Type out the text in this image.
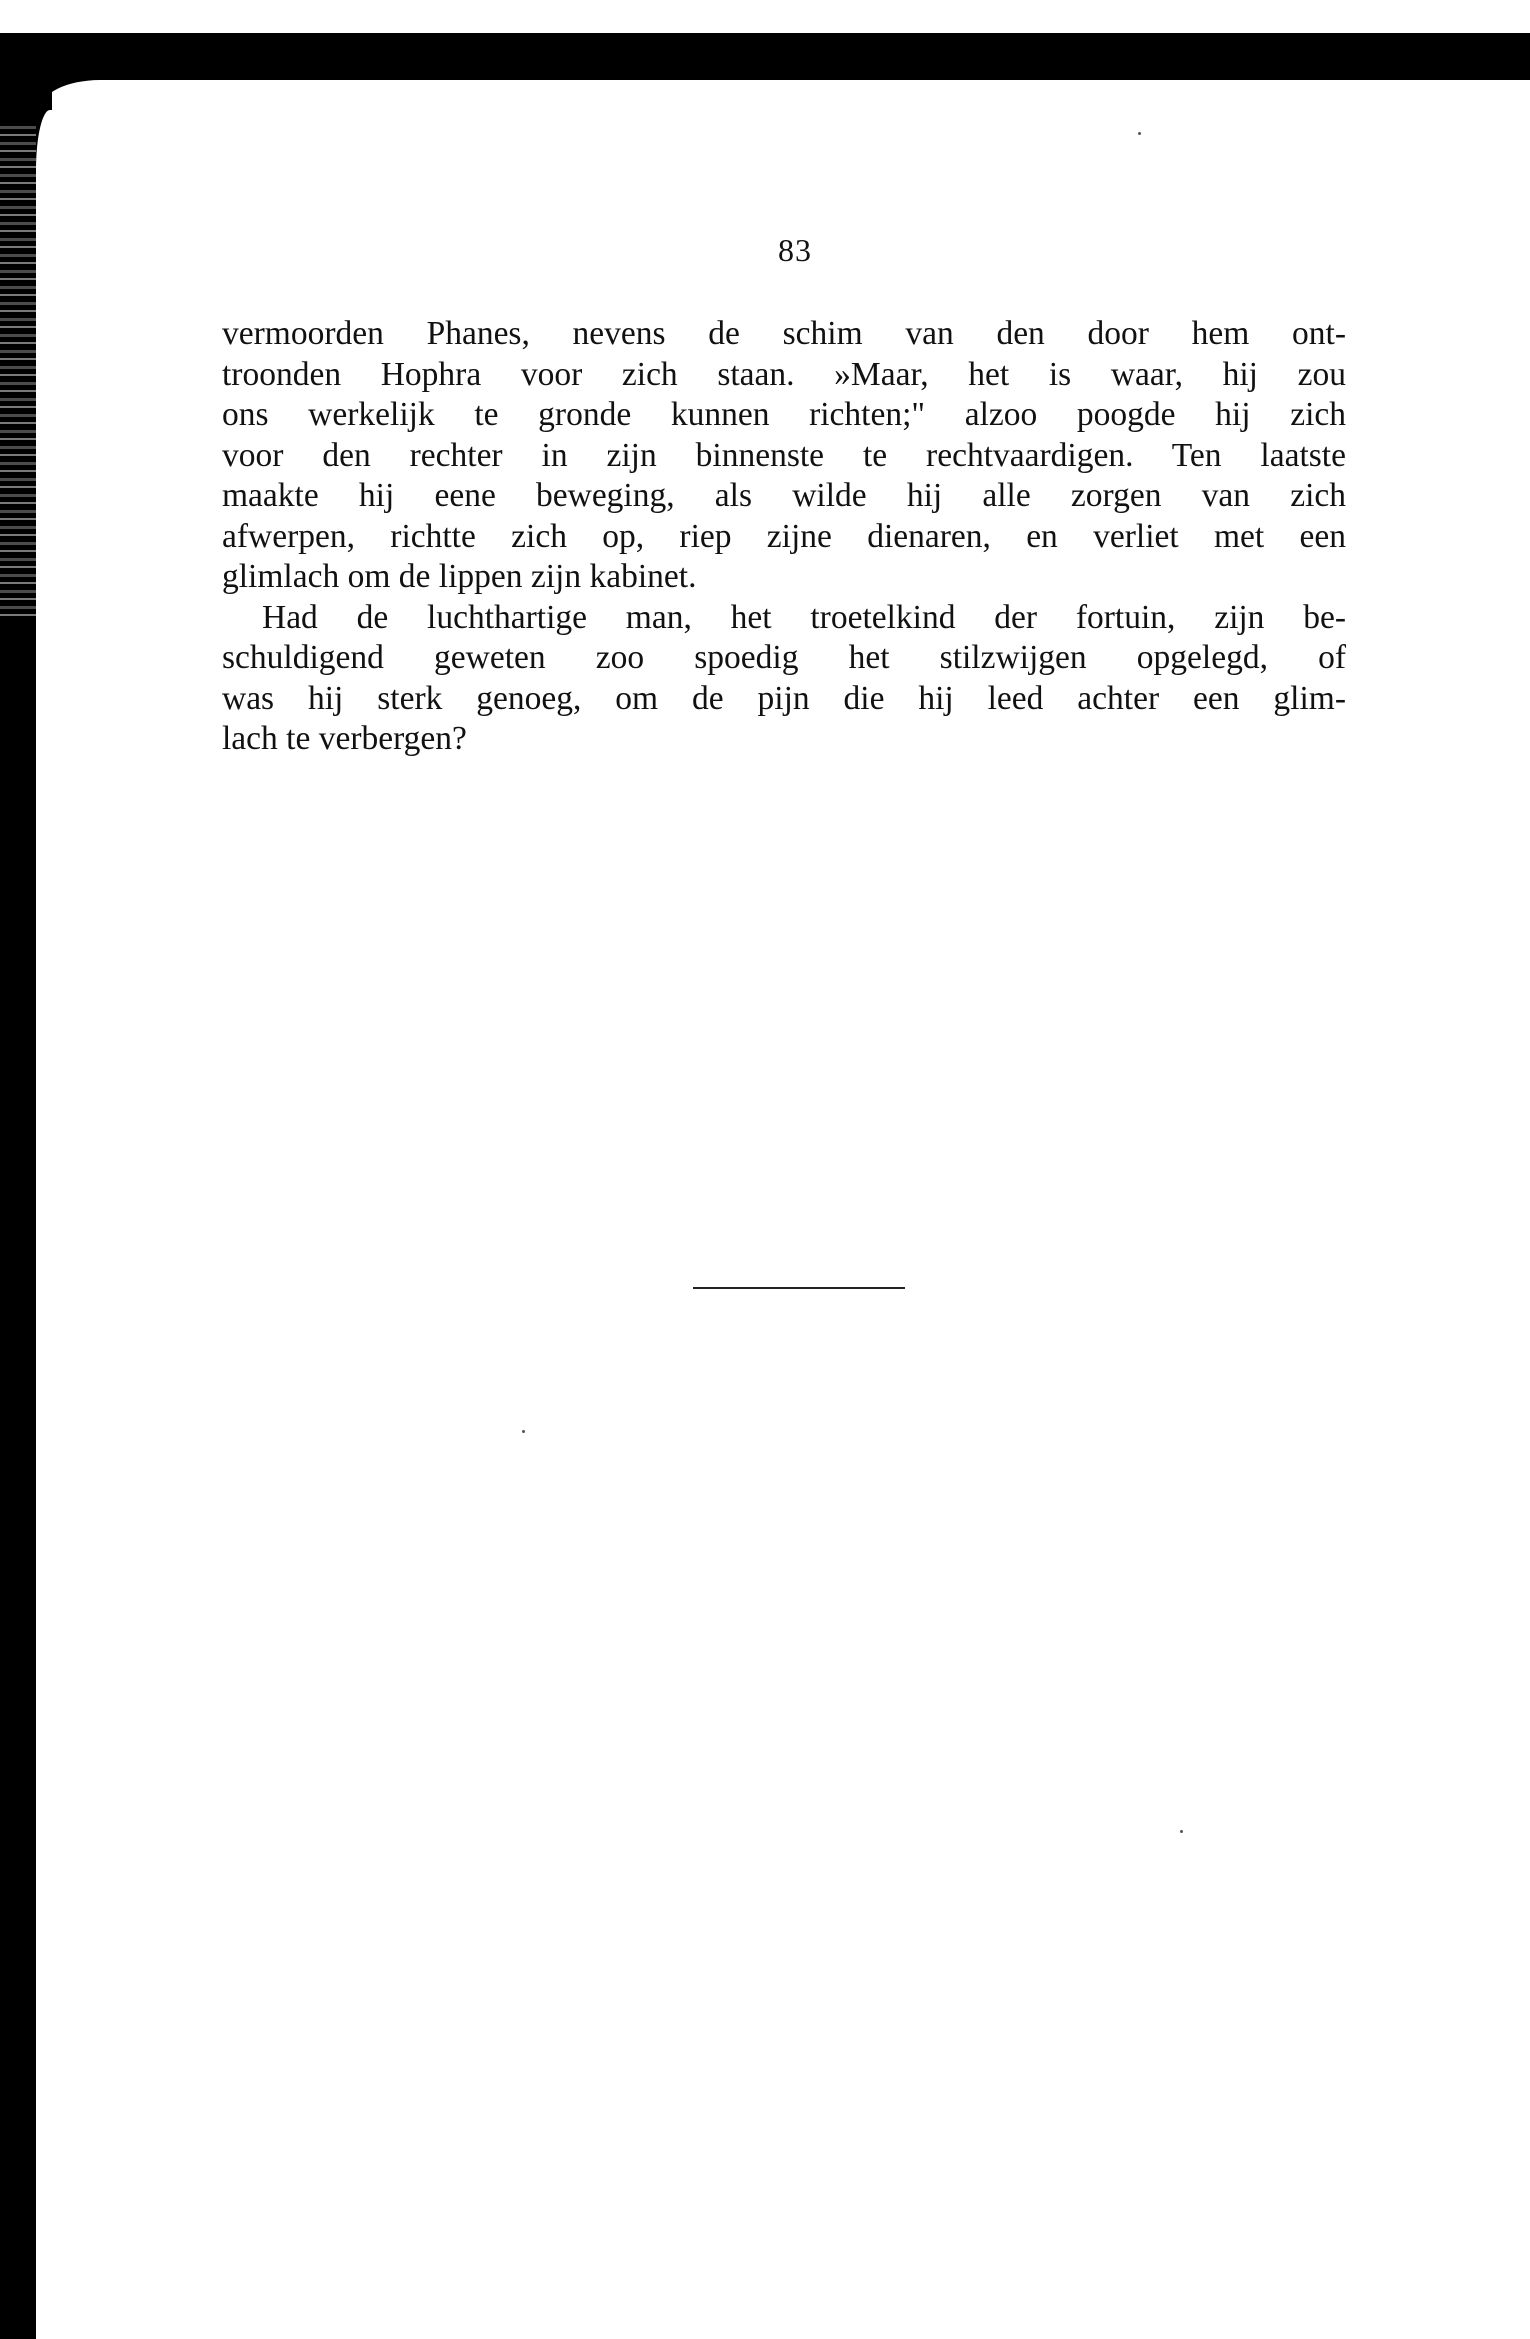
83
vermoorden Phanes, nevens de schim van den door hem ont-
troonden Hophra voor zich staan. »Maar, het is waar, hij zou
ons werkelijk te gronde kunnen richten;" alzoo poogde hij zich
voor den rechter in zijn binnenste te rechtvaardigen. Ten laatste
maakte hij eene beweging, als wilde hij alle zorgen van zich
afwerpen, richtte zich op, riep zijne dienaren, en verliet met een
glimlach om de lippen zijn kabinet.
Had de luchthartige man, het troetelkind der fortuin, zijn be-
schuldigend geweten zoo spoedig het stilzwijgen opgelegd, of
was hij sterk genoeg, om de pijn die hij leed achter een glim-
lach te verbergen?
